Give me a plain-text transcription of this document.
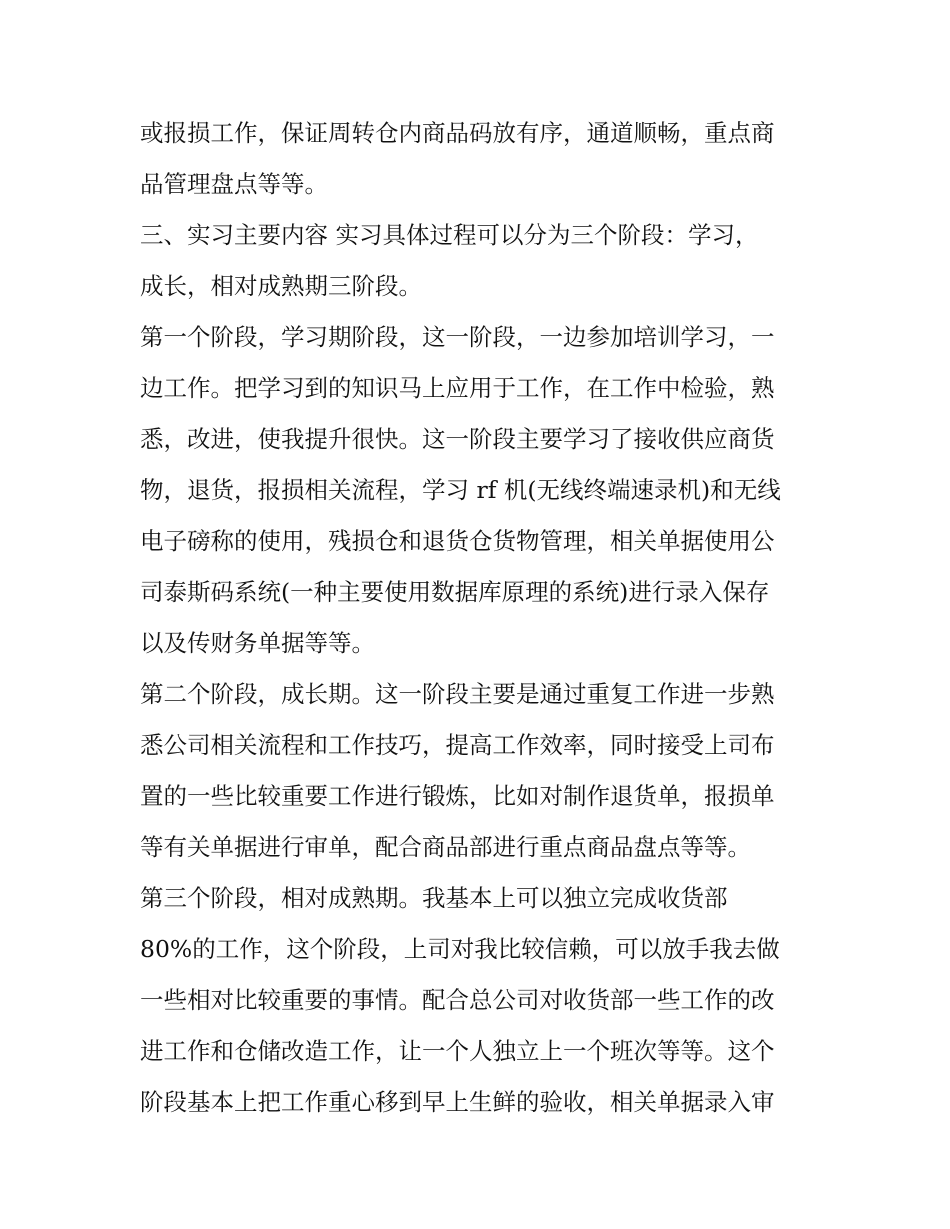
或报损工作，保证周转仓内商品码放有序，通道顺畅，重点商
品管理盘点等等。
三、实习主要内容 实习具体过程可以分为三个阶段：学习，
成长，相对成熟期三阶段。
第一个阶段，学习期阶段，这一阶段，一边参加培训学习，一
边工作。把学习到的知识马上应用于工作，在工作中检验，熟
悉，改进，使我提升很快。这一阶段主要学习了接收供应商货
物，退货，报损相关流程，学习 rf 机(无线终端速录机)和无线
电子磅称的使用，残损仓和退货仓货物管理，相关单据使用公
司泰斯码系统(一种主要使用数据库原理的系统)进行录入保存
以及传财务单据等等。
第二个阶段，成长期。这一阶段主要是通过重复工作进一步熟
悉公司相关流程和工作技巧，提高工作效率，同时接受上司布
置的一些比较重要工作进行锻炼，比如对制作退货单，报损单
等有关单据进行审单，配合商品部进行重点商品盘点等等。
第三个阶段，相对成熟期。我基本上可以独立完成收货部
80%的工作，这个阶段，上司对我比较信赖，可以放手我去做
一些相对比较重要的事情。配合总公司对收货部一些工作的改
进工作和仓储改造工作，让一个人独立上一个班次等等。这个
阶段基本上把工作重心移到早上生鲜的验收，相关单据录入审
